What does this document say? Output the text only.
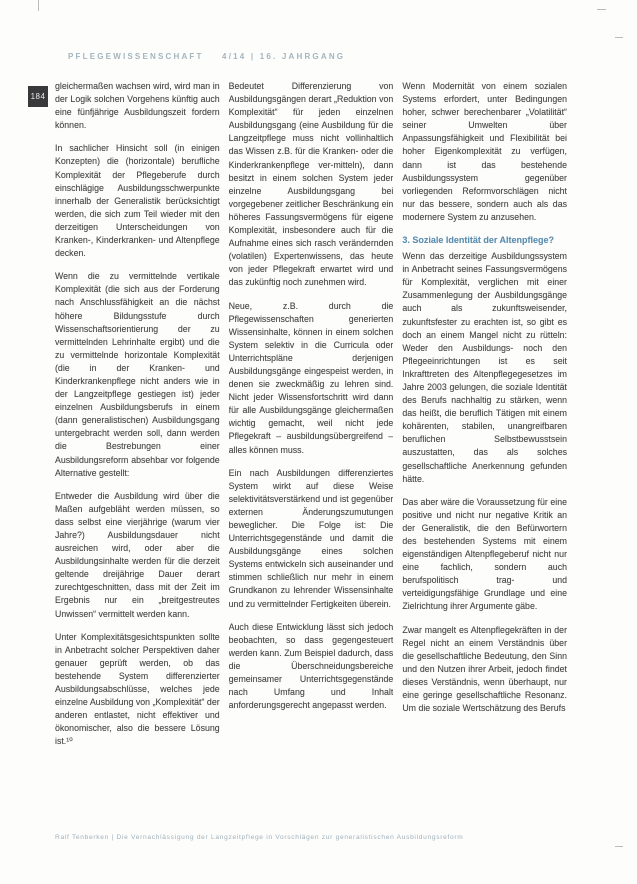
PFLEGEWISSENSCHAFT 4/14 | 16. JAHRGANG
184

gleichermaßen wachsen wird, wird man in der Logik solchen Vorgehens künftig auch eine fünfjährige Ausbildungszeit fordern können.

In sachlicher Hinsicht soll (in einigen Konzepten) die (horizontale) berufliche Komplexität der Pflegeberufe durch einschlägige Ausbildungsschwerpunkte innerhalb der Generalistik berücksichtigt werden, die sich zum Teil wieder mit den derzeitigen Unterscheidungen von Kranken-, Kinderkranken- und Altenpflege decken.

Wenn die zu vermittelnde vertikale Komplexität (die sich aus der Forderung nach Anschlussfähigkeit an die nächst höhere Bildungsstufe durch Wissenschaftsorientierung der zu vermittelnden Lehrinhalte ergibt) und die zu vermittelnde horizontale Komplexität (die in der Kranken- und Kinderkrankenpflege nicht anders wie in der Langzeitpflege gestiegen ist) jeder einzelnen Ausbildungsberufs in einem (dann generalistischen) Ausbildungsgang untergebracht werden soll, dann werden die Bestrebungen einer Ausbildungsreform absehbar vor folgende Alternative gestellt:

Entweder die Ausbildung wird über die Maßen aufgebläht werden müssen, so dass selbst eine vierjährige (warum vier Jahre?) Ausbildungsdauer nicht ausreichen wird, oder aber die Ausbildungsinhalte werden für die derzeit geltende dreijährige Dauer derart zurechtgeschnitten, dass mit der Zeit im Ergebnis nur ein „breitgestreutes Unwissen“ vermittelt werden kann.

Unter Komplexitätsgesichtspunkten sollte in Anbetracht solcher Perspektiven daher genauer geprüft werden, ob das bestehende System differenzierter Ausbildungsabschlüsse, welches jede einzelne Ausbildung von „Komplexität“ der anderen entlastet, nicht effektiver und ökonomischer, also die bessere Lösung ist.¹⁰

Bedeutet Differenzierung von Ausbildungsgängen derart „Reduktion von Komplexität“ für jeden einzelnen Ausbildungsgang (eine Ausbildung für die Langzeitpflege muss nicht vollinhaltlich das Wissen z.B. für die Kranken- oder die Kinderkrankenpflege ver-mitteln), dann besitzt in einem solchen System jeder einzelne Ausbildungsgang bei vorgegebener zeitlicher Beschränkung ein höheres Fassungsvermögens für eigene Komplexität, insbesondere auch für die Aufnahme eines sich rasch verändernden (volatilen) Expertenwissens, das heute von jeder Pflegekraft erwartet wird und das zukünftig noch zunehmen wird.

Neue, z.B. durch die Pflegewissenschaften generierten Wissensinhalte, können in einem solchen System selektiv in die Curricula oder Unterrichtspläne derjenigen Ausbildungsgänge eingespeist werden, in denen sie zweckmäßig zu lehren sind. Nicht jeder Wissensfortschritt wird dann für alle Ausbildungsgänge gleichermaßen wichtig gemacht, weil nicht jede Pflegekraft – ausbildungsübergreifend – alles können muss.

Ein nach Ausbildungen differenziertes System wirkt auf diese Weise selektivitätsverstärkend und ist gegenüber externen Änderungszumutungen beweglicher. Die Folge ist: Die Unterrichtsgegenstände und damit die Ausbildungsgänge eines solchen Systems entwickeln sich auseinander und stimmen schließlich nur mehr in einem Grundkanon zu lehrender Wissensinhalte und zu vermittelnder Fertigkeiten überein.

Auch diese Entwicklung lässt sich jedoch beobachten, so dass gegengesteuert werden kann. Zum Beispiel dadurch, dass die Überschneidungsbereiche gemeinsamer Unterrichtsgegenstände nach Umfang und Inhalt anforderungsgerecht angepasst werden.

Wenn Modernität von einem sozialen Systems erfordert, unter Bedingungen hoher, schwer berechenbarer „Volatilität“ seiner Umwelten über Anpassungsfähigkeit und Flexibilität bei hoher Eigenkomplexität zu verfügen, dann ist das bestehende Ausbildungssystem gegenüber vorliegenden Reformvorschlägen nicht nur das bessere, sondern auch als das modernere System zu anzusehen.

3. Soziale Identität der Altenpflege?

Wenn das derzeitige Ausbildungssystem in Anbetracht seines Fassungsvermögens für Komplexität, verglichen mit einer Zusammenlegung der Ausbildungsgänge auch als zukunftsweisender, zukunftsfester zu erachten ist, so gibt es doch an einem Mangel nicht zu rütteln: Weder den Ausbildungs- noch den Pflegeeinrichtungen ist es seit Inkrafttreten des Altenpflegegesetzes im Jahre 2003 gelungen, die soziale Identität des Berufs nachhaltig zu stärken, wenn das heißt, die beruflich Tätigen mit einem kohärenten, stabilen, unangreifbaren beruflichen Selbstbewusstsein auszustatten, das als solches gesellschaftliche Anerkennung gefunden hätte.

Das aber wäre die Voraussetzung für eine positive und nicht nur negative Kritik an der Generalistik, die den Befürwortern des bestehenden Systems mit einem eigenständigen Altenpflegeberuf nicht nur eine fachlich, sondern auch berufspolitisch trag- und verteidigungsfähige Grundlage und eine Zielrichtung ihrer Argumente gäbe.

Zwar mangelt es Altenpflegekräften in der Regel nicht an einem Verständnis über die gesellschaftliche Bedeutung, den Sinn und den Nutzen ihrer Arbeit, jedoch findet dieses Verständnis, wenn überhaupt, nur eine geringe gesellschaftliche Resonanz. Um die soziale Wertschätzung des Berufs

Ralf Tenberken | Die Vernachlässigung der Langzeitpflege in Vorschlägen zur generalistischen Ausbildungsreform
